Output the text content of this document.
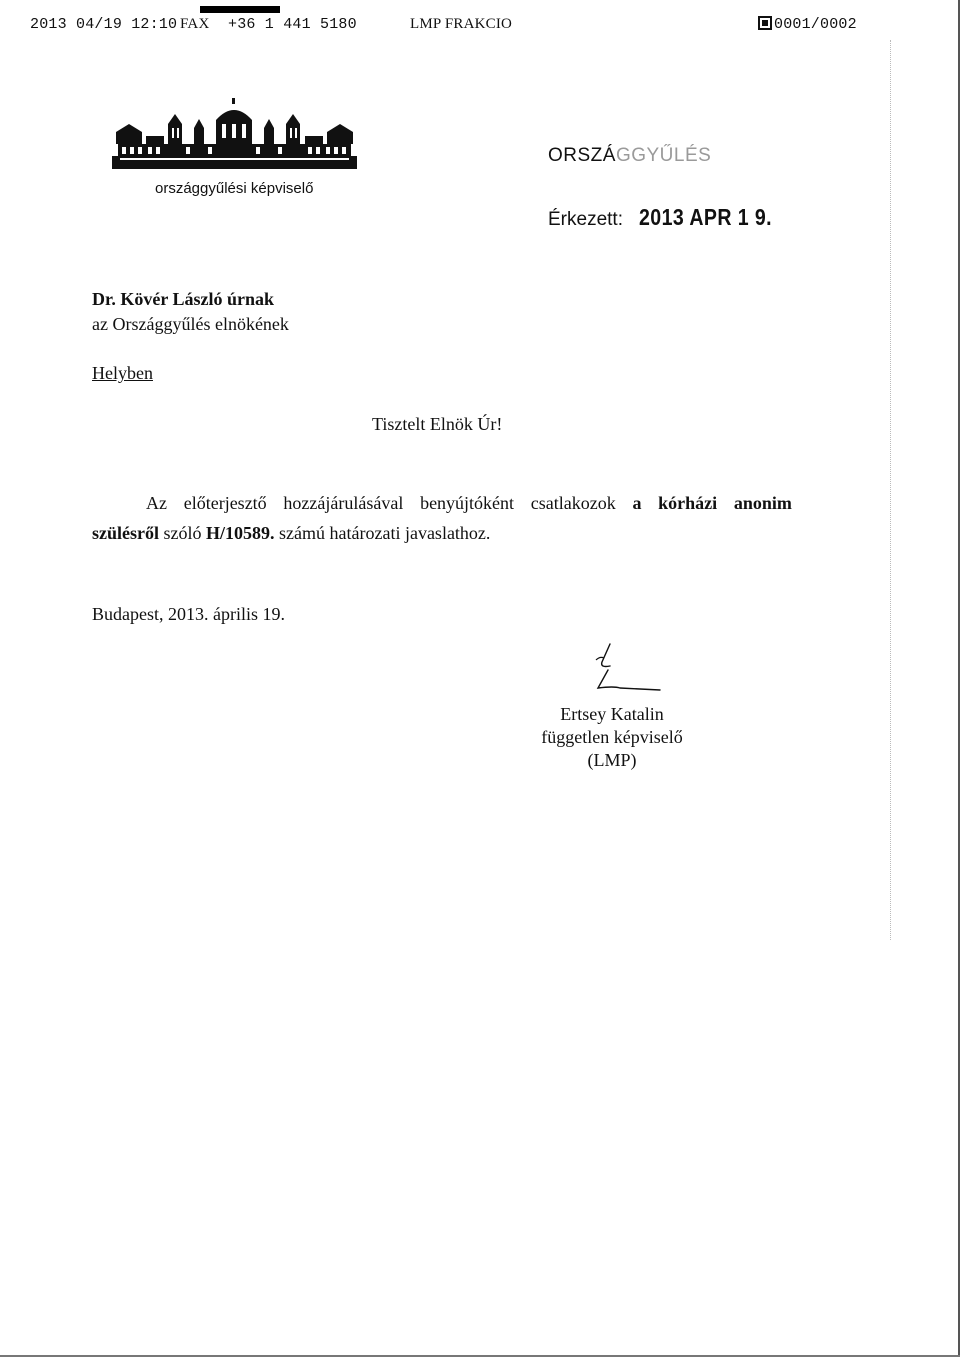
2013 04/19 12:10 FAX +36 1 441 5180	LMP FRAKCIO	0001/0002
országgyűlési képviselő
ORSZÁGGYŰLÉS
Érkezett: 2013 APR 1 9.
Dr. Kövér László úrnak
az Országgyűlés elnökének
Helyben
Tisztelt Elnök Úr!
Az előterjesztő hozzájárulásával benyújtóként csatlakozok a kórházi anonim
szülésről szóló H/10589. számú határozati javaslathoz.
Budapest, 2013. április 19.
Ertsey Katalin
független képviselő
(LMP)
